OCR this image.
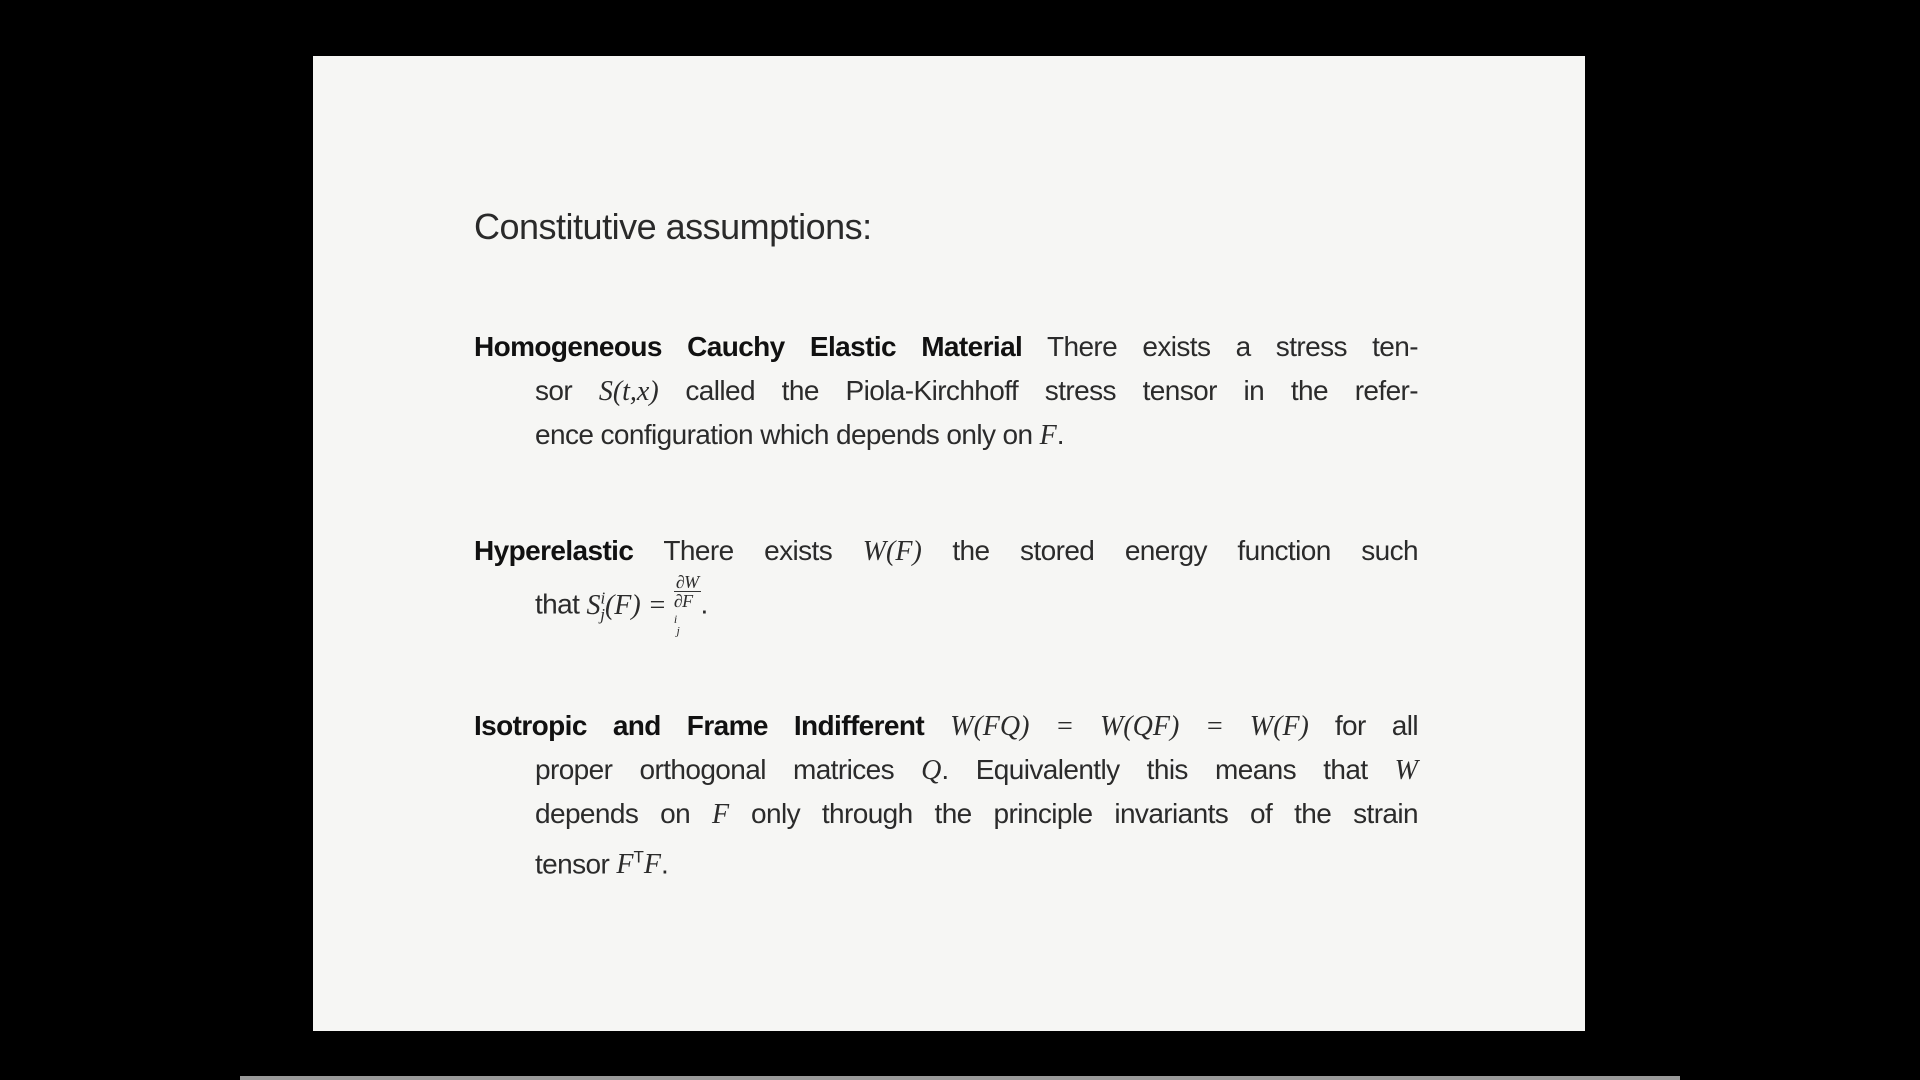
Constitutive assumptions:
Homogeneous Cauchy Elastic Material There exists a stress ten-
sor S(t,x) called the Piola-Kirchhoff stress tensor in the refer-
ence configuration which depends only on F.
Hyperelastic There exists W(F) the stored energy function such
that $S^i_j(F) = \partial W$
∂F
$^i_j$ .
Isotropic and Frame Indifferent W(FQ) = W(QF) = W(F) for all
proper orthogonal matrices Q. Equivalently this means that W
depends on F only through the principle invariants of the strain
tensor $F^TF$.
